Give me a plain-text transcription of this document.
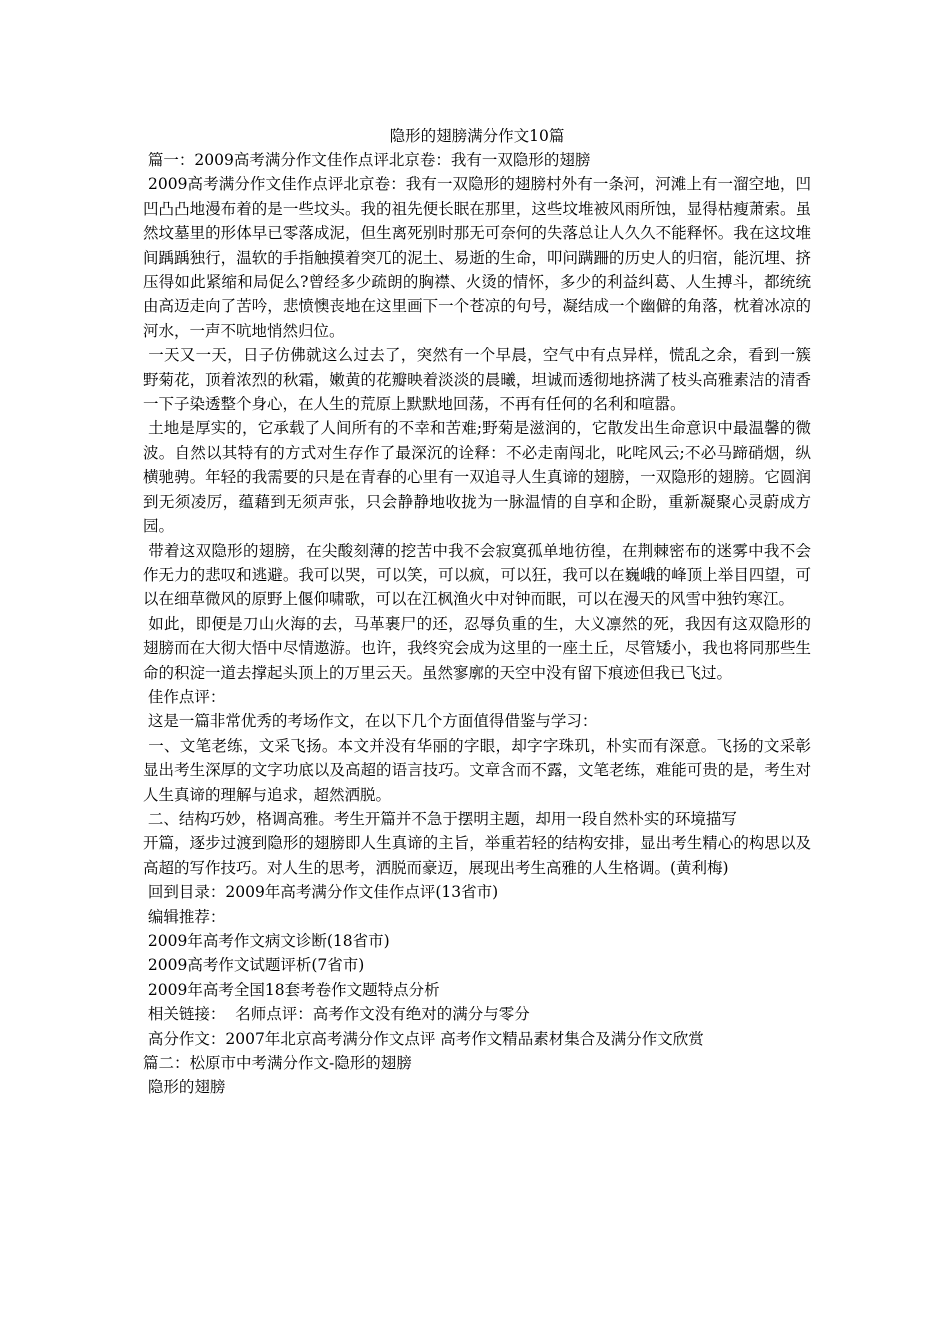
隐形的翅膀满分作文10篇

篇一：2009高考满分作文佳作点评北京卷：我有一双隐形的翅膀

2009高考满分作文佳作点评北京卷：我有一双隐形的翅膀村外有一条河，河滩上有一溜空地，凹凹凸凸地漫布着的是一些坟头。我的祖先便长眠在那里，这些坟堆被风雨所蚀，显得枯瘦萧索。虽然坟墓里的形体早已零落成泥，但生离死别时那无可奈何的失落总让人久久不能释怀。我在这坟堆间踽踽独行，温软的手指触摸着突兀的泥土、易逝的生命，叩问蹒跚的历史人的归宿，能沉埋、挤压得如此紧缩和局促么?曾经多少疏朗的胸襟、火烫的情怀，多少的利益纠葛、人生搏斗，都统统由高迈走向了苦吟，悲愤懊丧地在这里画下一个苍凉的句号，凝结成一个幽僻的角落，枕着冰凉的河水，一声不吭地悄然归位。

一天又一天，日子仿佛就这么过去了，突然有一个早晨，空气中有点异样，慌乱之余，看到一簇野菊花，顶着浓烈的秋霜，嫩黄的花瓣映着淡淡的晨曦，坦诚而透彻地挤满了枝头高雅素洁的清香一下子染透整个身心，在人生的荒原上默默地回荡，不再有任何的名利和喧嚣。

土地是厚实的，它承载了人间所有的不幸和苦难;野菊是滋润的，它散发出生命意识中最温馨的微波。自然以其特有的方式对生存作了最深沉的诠释：不必走南闯北，叱咤风云;不必马蹄硝烟，纵横驰骋。年轻的我需要的只是在青春的心里有一双追寻人生真谛的翅膀，一双隐形的翅膀。它圆润到无须凌厉，蕴藉到无须声张，只会静静地收拢为一脉温情的自享和企盼，重新凝聚心灵蔚成方园。

带着这双隐形的翅膀，在尖酸刻薄的挖苦中我不会寂寞孤单地彷徨，在荆棘密布的迷雾中我不会作无力的悲叹和逃避。我可以哭，可以笑，可以疯，可以狂，我可以在巍峨的峰顶上举目四望，可以在细草微风的原野上偃仰啸歌，可以在江枫渔火中对钟而眠，可以在漫天的风雪中独钓寒江。

如此，即便是刀山火海的去，马革裹尸的还，忍辱负重的生，大义凛然的死，我因有这双隐形的翅膀而在大彻大悟中尽情遨游。也许，我终究会成为这里的一座土丘，尽管矮小，我也将同那些生命的积淀一道去撑起头顶上的万里云天。虽然寥廓的天空中没有留下痕迹但我已飞过。

佳作点评：

这是一篇非常优秀的考场作文，在以下几个方面值得借鉴与学习：

一、文笔老练，文采飞扬。本文并没有华丽的字眼，却字字珠玑，朴实而有深意。飞扬的文采彰显出考生深厚的文字功底以及高超的语言技巧。文章含而不露，文笔老练，难能可贵的是，考生对人生真谛的理解与追求，超然洒脱。

二、结构巧妙，格调高雅。考生开篇并不急于摆明主题，却用一段自然朴实的环境描写

开篇，逐步过渡到隐形的翅膀即人生真谛的主旨，举重若轻的结构安排，显出考生精心的构思以及高超的写作技巧。对人生的思考，洒脱而豪迈，展现出考生高雅的人生格调。(黄利梅)

回到目录：2009年高考满分作文佳作点评(13省市)

编辑推荐：

2009年高考作文病文诊断(18省市)

2009高考作文试题评析(7省市)

2009年高考全国18套考卷作文题特点分析

相关链接：  名师点评：高考作文没有绝对的满分与零分

高分作文：2007年北京高考满分作文点评 高考作文精品素材集合及满分作文欣赏

篇二：松原市中考满分作文-隐形的翅膀

隐形的翅膀
